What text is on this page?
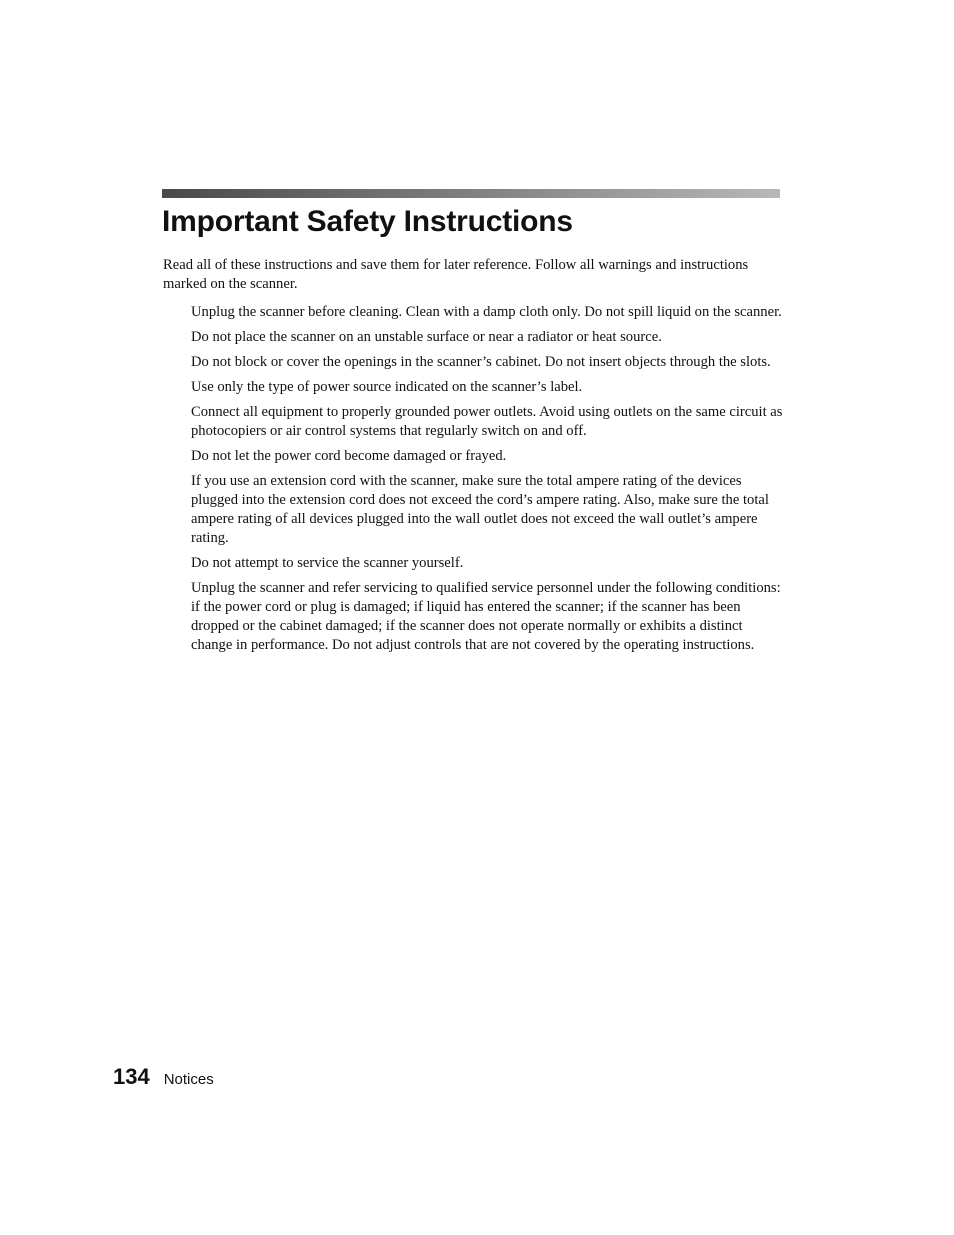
Important Safety Instructions

Read all of these instructions and save them for later reference. Follow all warnings and instructions marked on the scanner.

Unplug the scanner before cleaning. Clean with a damp cloth only. Do not spill liquid on the scanner.
Do not place the scanner on an unstable surface or near a radiator or heat source.
Do not block or cover the openings in the scanner’s cabinet. Do not insert objects through the slots.
Use only the type of power source indicated on the scanner’s label.
Connect all equipment to properly grounded power outlets. Avoid using outlets on the same circuit as photocopiers or air control systems that regularly switch on and off.
Do not let the power cord become damaged or frayed.
If you use an extension cord with the scanner, make sure the total ampere rating of the devices plugged into the extension cord does not exceed the cord’s ampere rating. Also, make sure the total ampere rating of all devices plugged into the wall outlet does not exceed the wall outlet’s ampere rating.
Do not attempt to service the scanner yourself.
Unplug the scanner and refer servicing to qualified service personnel under the following conditions: if the power cord or plug is damaged; if liquid has entered the scanner; if the scanner has been dropped or the cabinet damaged; if the scanner does not operate normally or exhibits a distinct change in performance. Do not adjust controls that are not covered by the operating instructions.
134 Notices
